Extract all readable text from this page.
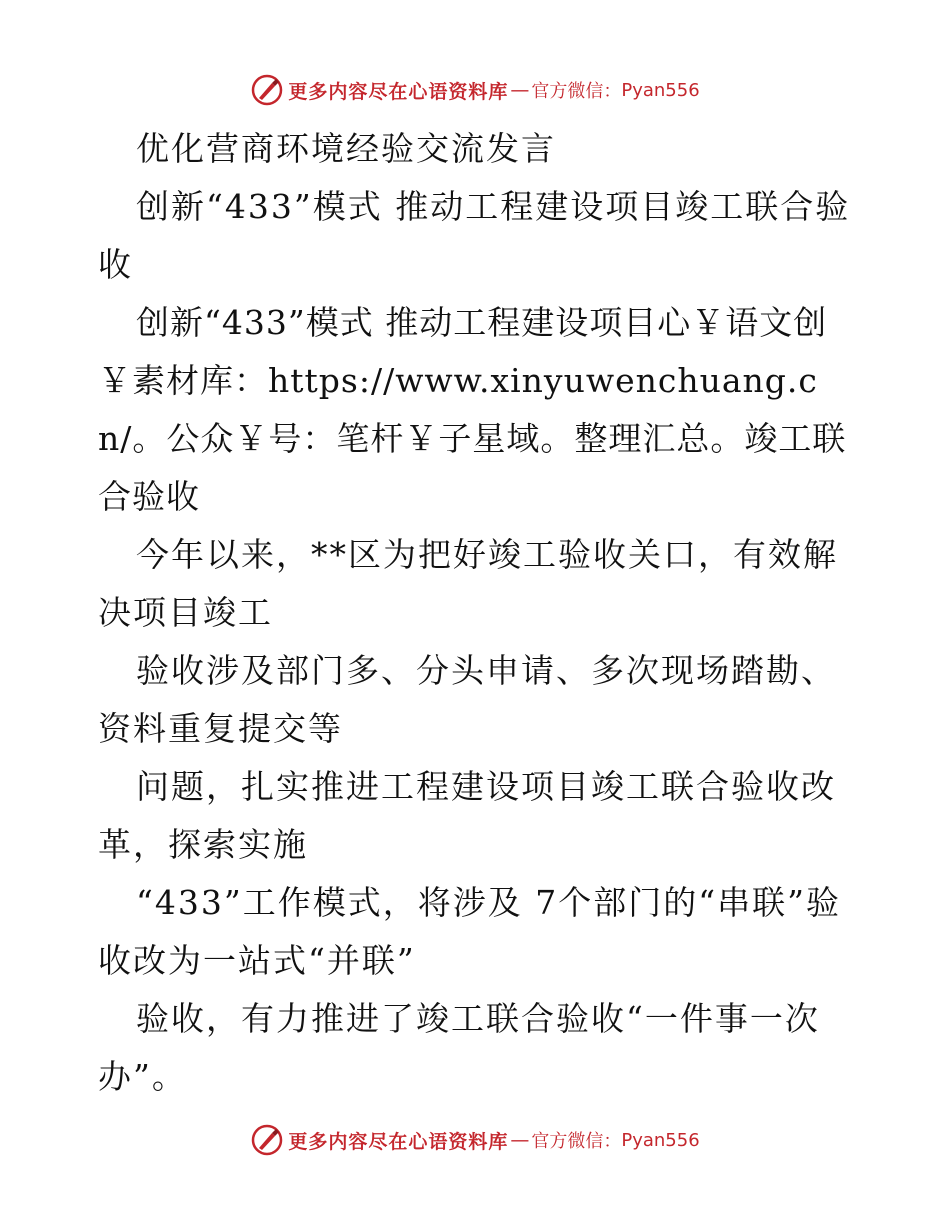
更多内容尽在心语资料库 — 官方微信： Pyan556

优化营商环境经验交流发言

创新“433”模式 推动工程建设项目竣工联合验收

创新“433”模式 推动工程建设项目心￥语文创￥素材库：https://www.xinyuwenchuang.cn/。公众￥号：笔杆￥子星域。整理汇总。竣工联合验收

今年以来，**区为把好竣工验收关口，有效解决项目竣工

验收涉及部门多、分头申请、多次现场踏勘、资料重复提交等

问题，扎实推进工程建设项目竣工联合验收改革，探索实施

“433”工作模式，将涉及 7个部门的“串联”验收改为一站式“并联”

验收，有力推进了竣工联合验收“一件事一次办”。

更多内容尽在心语资料库 — 官方微信： Pyan556
